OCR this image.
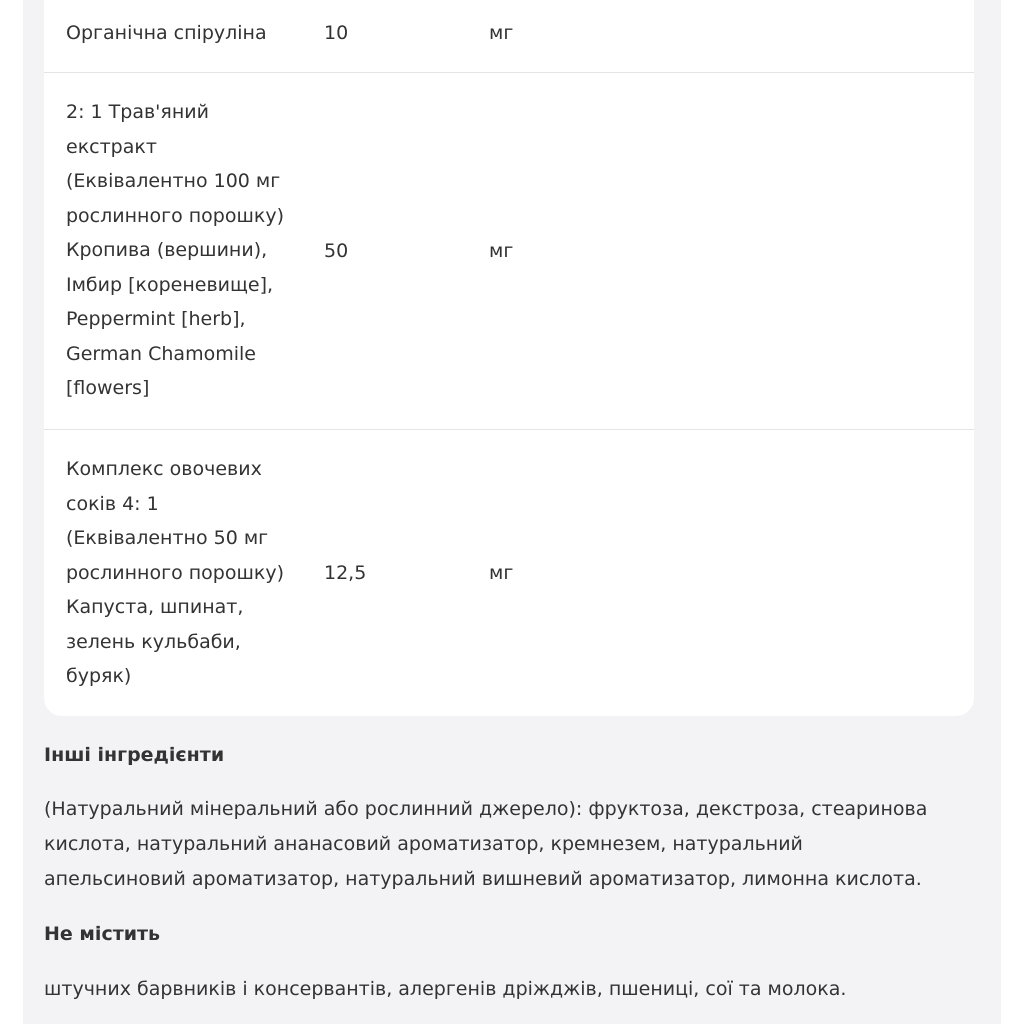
Органічна спіруліна	10	мг
2: 1 Трав'яний
екстракт
(Еквівалентно 100 мг
рослинного порошку)
Кропива (вершини),
Імбир [кореневище],
Peppermint [herb],
German Chamomile
[flowers]
50	мг
Комплекс овочевих
соків 4: 1
(Еквівалентно 50 мг
рослинного порошку)
Капуста, шпинат,
зелень кульбаби,
буряк)
12,5	мг
Інші інгредієнти
(Натуральний мінеральний або рослинний джерело): фруктоза, декстроза, стеаринова кислота, натуральний ананасовий ароматизатор, кремнезем, натуральний апельсиновий ароматизатор, натуральний вишневий ароматизатор, лимонна кислота.
Не містить
штучних барвників і консервантів, алергенів дріжджів, пшениці, сої та молока.
